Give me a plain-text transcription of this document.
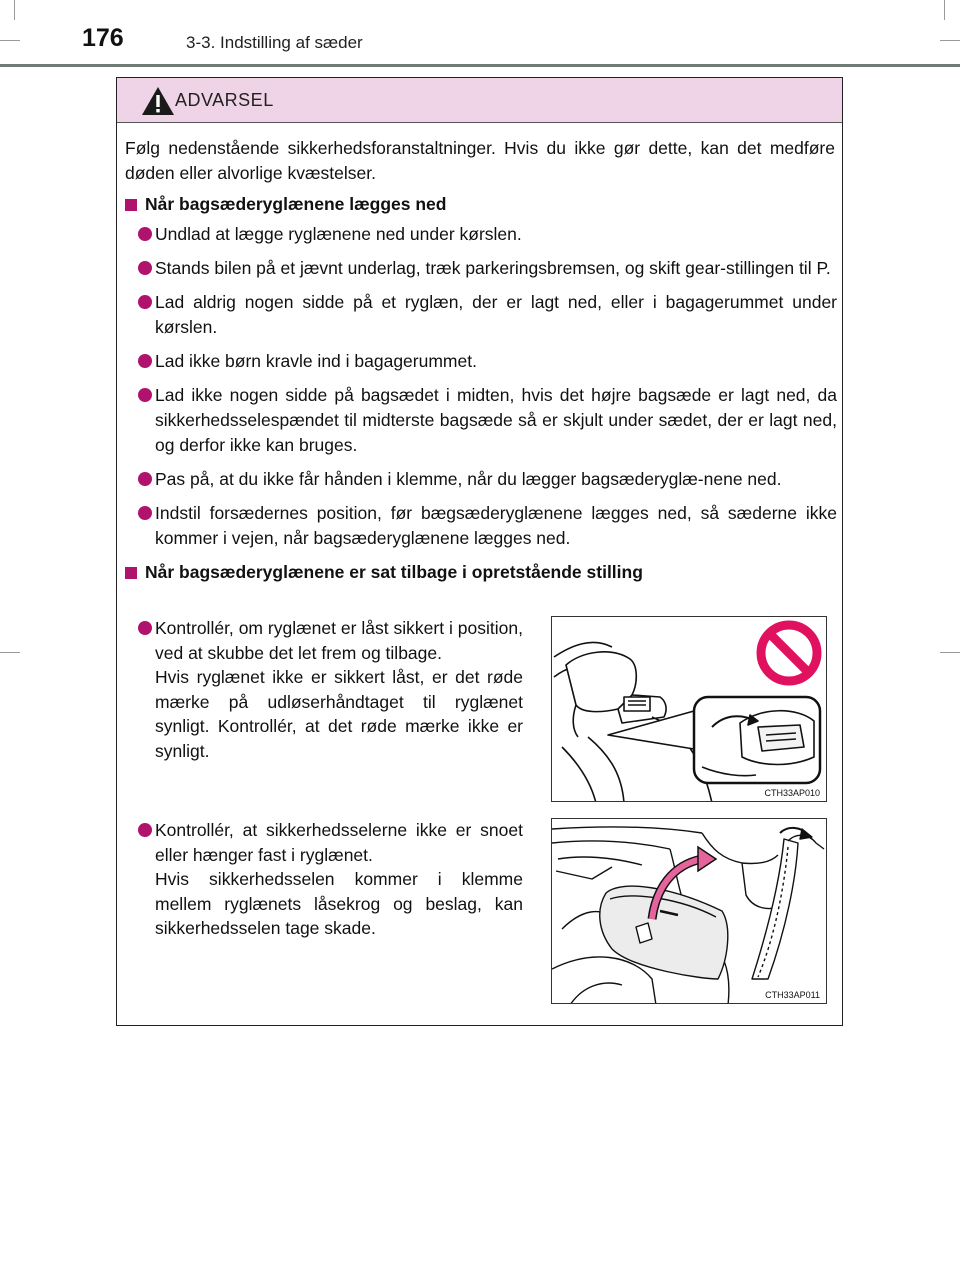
176	3-3. Indstilling af sæder
ADVARSEL

Følg nedenstående sikkerhedsforanstaltninger. Hvis du ikke gør dette, kan det medføre døden eller alvorlige kvæstelser.

Når bagsæderyglænene lægges ned
Undlad at lægge ryglænene ned under kørslen.
Stands bilen på et jævnt underlag, træk parkeringsbremsen, og skift gear-stillingen til P.
Lad aldrig nogen sidde på et ryglæn, der er lagt ned, eller i bagagerummet under kørslen.
Lad ikke børn kravle ind i bagagerummet.
Lad ikke nogen sidde på bagsædet i midten, hvis det højre bagsæde er lagt ned, da sikkerhedsselespændet til midterste bagsæde så er skjult under sædet, der er lagt ned, og derfor ikke kan bruges.
Pas på, at du ikke får hånden i klemme, når du lægger bagsæderyglæ-nene ned.
Indstil forsædernes position, før bægsæderyglænene lægges ned, så sæderne ikke kommer i vejen, når bagsæderyglænene lægges ned.
Når bagsæderyglænene er sat tilbage i opretstående stilling
Kontrollér, om ryglænet er låst sikkert i position, ved at skubbe det let frem og tilbage.
Hvis ryglænet ikke er sikkert låst, er det røde mærke på udløserhåndtaget til ryglænet synligt. Kontrollér, at det røde mærke ikke er synligt.
CTH33AP010
Kontrollér, at sikkerhedsselerne ikke er snoet eller hænger fast i ryglænet.
Hvis sikkerhedsselen kommer i klemme mellem ryglænets låsekrog og beslag, kan sikkerhedsselen tage skade.
CTH33AP011
